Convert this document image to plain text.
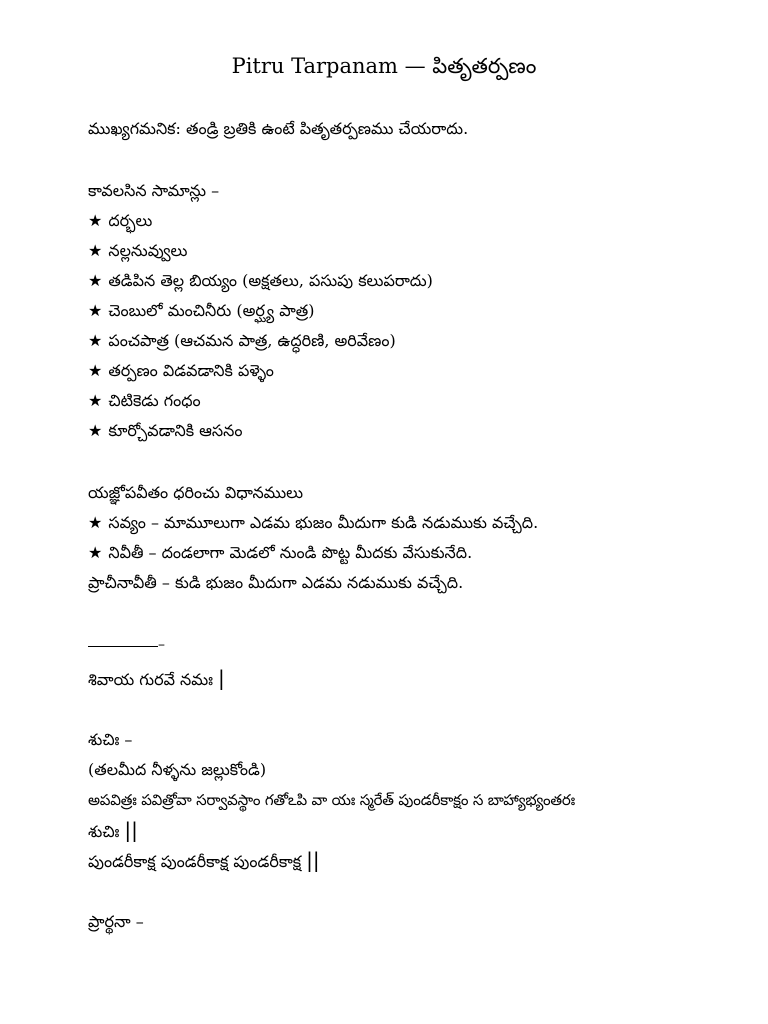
Pitru Tarpanam — పితృతర్పణం
ముఖ్యగమనిక: తండ్రి బ్రతికి ఉంటే పితృతర్పణము చేయరాదు.
కావలసిన సామాన్లు –
★ దర్భలు
★ నల్లనువ్వులు
★ తడిపిన తెల్ల బియ్యం (అక్షతలు, పసుపు కలుపరాదు)
★ చెంబులో మంచినీరు (అర్ఘ్య పాత్ర)
★ పంచపాత్ర (ఆచమన పాత్ర, ఉద్ధరిణి, అరివేణం)
★ తర్పణం విడవడానికి పళ్ళెం
★ చిటికెడు గంధం
★ కూర్చోవడానికి ఆసనం
యజ్ఞోపవీతం ధరించు విధానములు
★ సవ్యం – మామూలుగా ఎడమ భుజం మీదుగా కుడి నడుముకు వచ్చేది.
★ నివీతీ – దండలాగా మెడలో నుండి పొట్ట మీదకు వేసుకునేది.
ప్రాచీనావీతీ – కుడి భుజం మీదుగా ఎడమ నడుముకు వచ్చేది.
–
శివాయ గురవే నమః |
శుచిః –
(తలమీద నీళ్ళను జల్లుకోండి)
అపవిత్రః పవిత్రోవా సర్వావస్థాం గతోఽపి వా యః స్మరేత్ పుండరీకాక్షం స బాహ్యాభ్యంతరః
శుచిః ||
పుండరీకాక్ష పుండరీకాక్ష పుండరీకాక్ష ||
ప్రార్థనా –
